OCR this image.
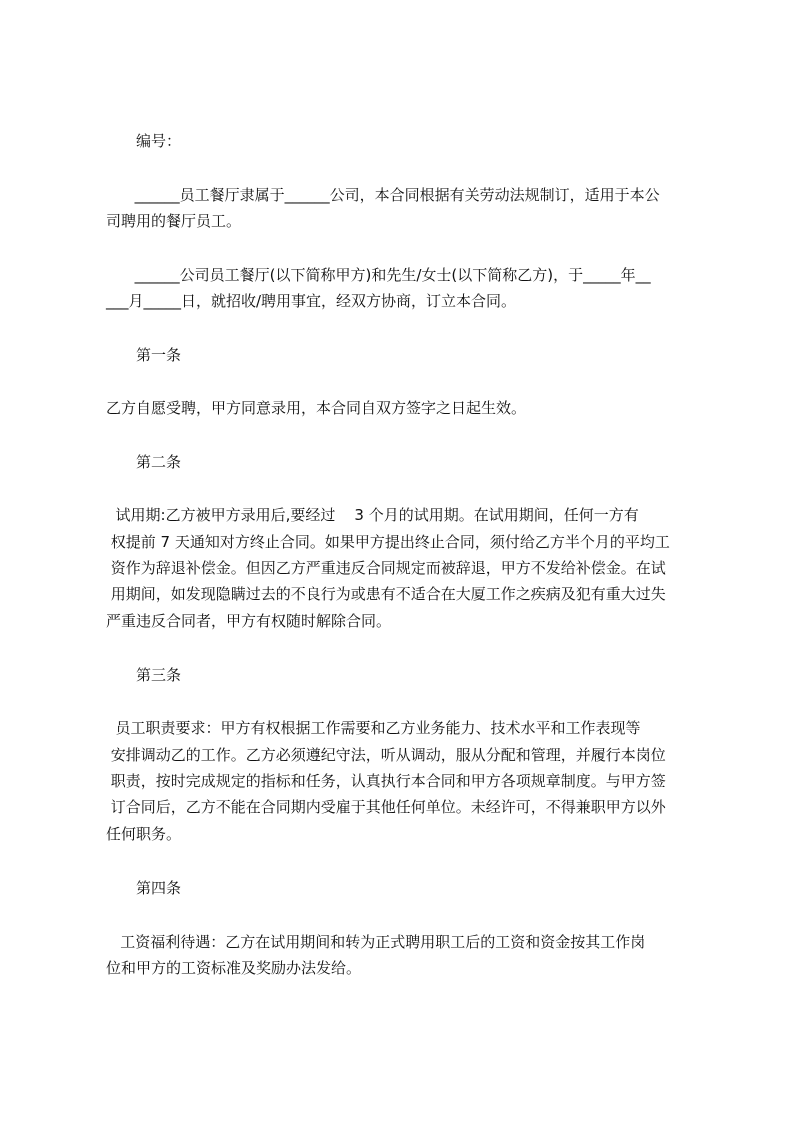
编号：
______员工餐厅隶属于______公司，本合同根据有关劳动法规制订，适用于本公
司聘用的餐厅员工。
______公司员工餐厅(以下简称甲方)和先生/女士(以下简称乙方)，于_____年__
___月_____日，就招收/聘用事宜，经双方协商，订立本合同。
第一条
乙方自愿受聘，甲方同意录用，本合同自双方签字之日起生效。
第二条
试用期:乙方被甲方录用后,要经过    3 个月的试用期。在试用期间，任何一方有
权提前 7 天通知对方终止合同。如果甲方提出终止合同，须付给乙方半个月的平均工
资作为辞退补偿金。但因乙方严重违反合同规定而被辞退，甲方不发给补偿金。在试
用期间，如发现隐瞒过去的不良行为或患有不适合在大厦工作之疾病及犯有重大过失
严重违反合同者，甲方有权随时解除合同。
第三条
员工职责要求：甲方有权根据工作需要和乙方业务能力、技术水平和工作表现等
安排调动乙的工作。乙方必须遵纪守法，听从调动，服从分配和管理，并履行本岗位
职责，按时完成规定的指标和任务，认真执行本合同和甲方各项规章制度。与甲方签
订合同后，乙方不能在合同期内受雇于其他任何单位。未经许可，不得兼职甲方以外
任何职务。
第四条
工资福利待遇：乙方在试用期间和转为正式聘用职工后的工资和资金按其工作岗
位和甲方的工资标准及奖励办法发给。
